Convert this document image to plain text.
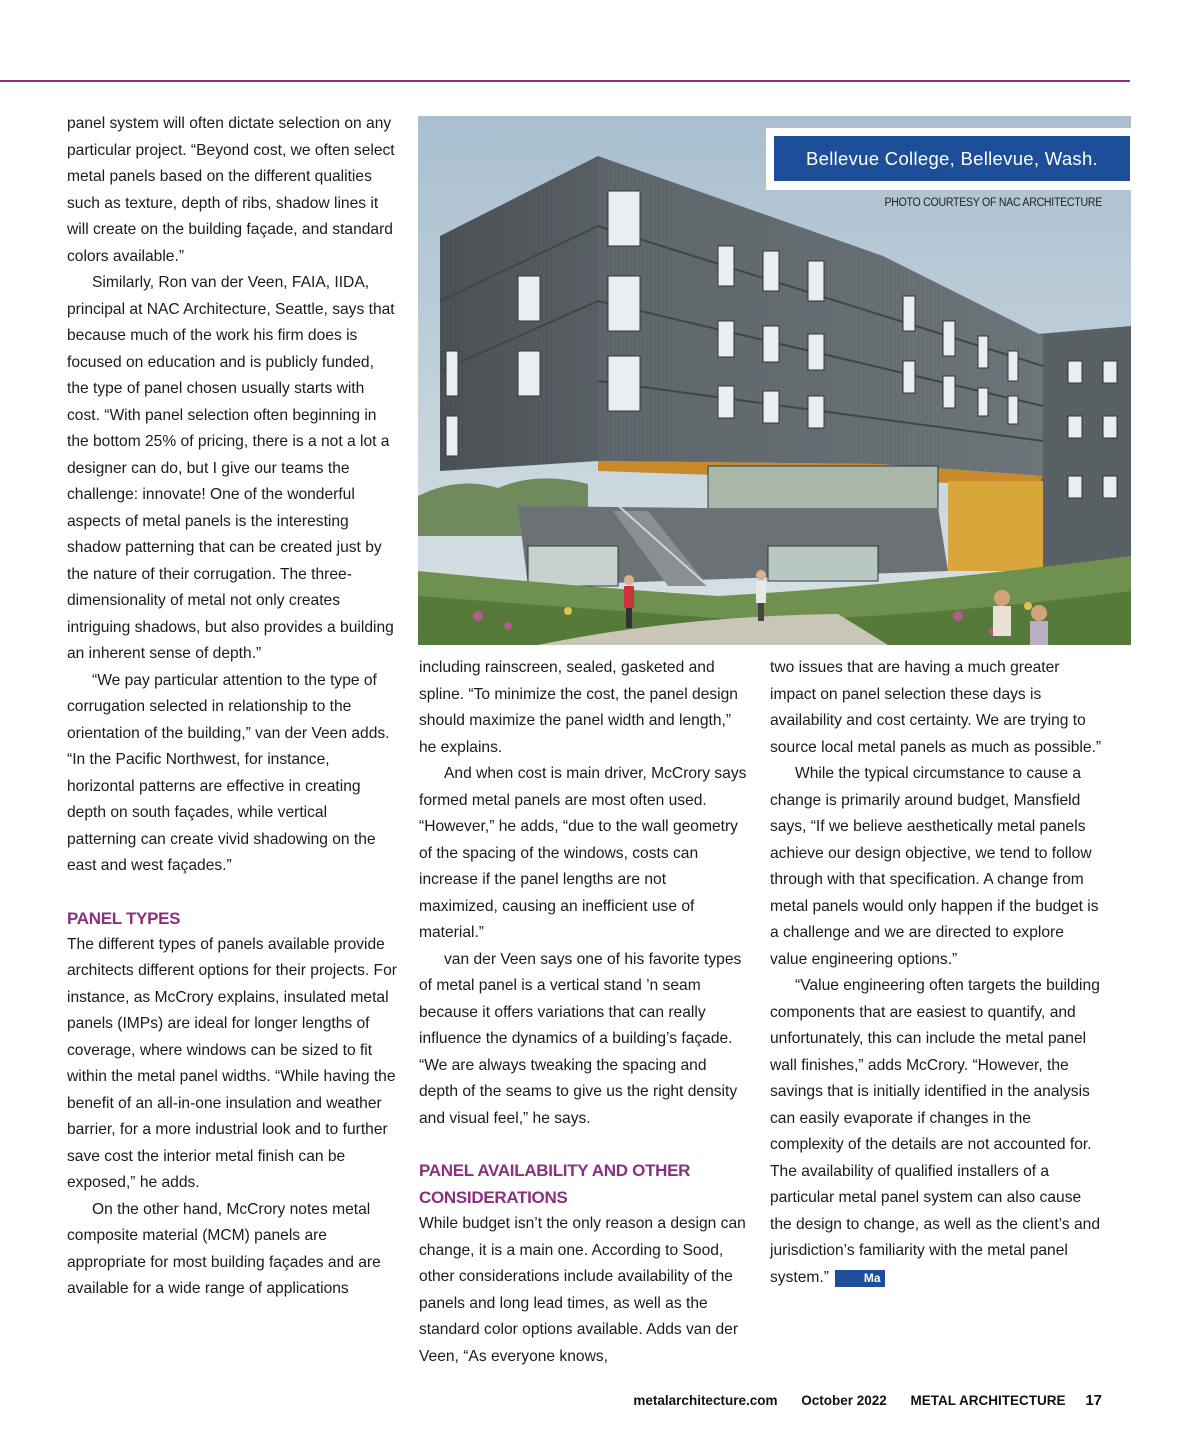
panel system will often dictate selection on any particular project. “Beyond cost, we often select metal panels based on the different qualities such as texture, depth of ribs, shadow lines it will create on the building façade, and standard colors available.”

Similarly, Ron van der Veen, FAIA, IIDA, principal at NAC Architecture, Seattle, says that because much of the work his firm does is focused on education and is publicly funded, the type of panel chosen usually starts with cost. “With panel selection often beginning in the bottom 25% of pricing, there is a not a lot a designer can do, but I give our teams the challenge: innovate! One of the wonderful aspects of metal panels is the interesting shadow patterning that can be created just by the nature of their corrugation. The three-dimensionality of metal not only creates intriguing shadows, but also provides a building an inherent sense of depth.”

“We pay particular attention to the type of corrugation selected in relationship to the orientation of the building,” van der Veen adds. “In the Pacific Northwest, for instance, horizontal patterns are effective in creating depth on south façades, while vertical patterning can create vivid shadowing on the east and west façades.”

PANEL TYPES

The different types of panels available provide architects different options for their projects. For instance, as McCrory explains, insulated metal panels (IMPs) are ideal for longer lengths of coverage, where windows can be sized to fit within the metal panel widths. “While having the benefit of an all-in-one insulation and weather barrier, for a more industrial look and to further save cost the interior metal finish can be exposed,” he adds.

On the other hand, McCrory notes metal composite material (MCM) panels are appropriate for most building façades and are available for a wide range of applications

Bellevue College, Bellevue, Wash.
PHOTO COURTESY OF NAC ARCHITECTURE

including rainscreen, sealed, gasketed and spline. “To minimize the cost, the panel design should maximize the panel width and length,” he explains.

And when cost is main driver, McCrory says formed metal panels are most often used. “However,” he adds, “due to the wall geometry of the spacing of the windows, costs can increase if the panel lengths are not maximized, causing an inefficient use of material.”

van der Veen says one of his favorite types of metal panel is a vertical stand ’n seam because it offers variations that can really influence the dynamics of a building’s façade. “We are always tweaking the spacing and depth of the seams to give us the right density and visual feel,” he says.

PANEL AVAILABILITY AND OTHER CONSIDERATIONS

While budget isn’t the only reason a design can change, it is a main one. According to Sood, other considerations include availability of the panels and long lead times, as well as the standard color options available. Adds van der Veen, “As everyone knows,

two issues that are having a much greater impact on panel selection these days is availability and cost certainty. We are trying to source local metal panels as much as possible.”

While the typical circumstance to cause a change is primarily around budget, Mansfield says, “If we believe aesthetically metal panels achieve our design objective, we tend to follow through with that specification. A change from metal panels would only happen if the budget is a challenge and we are directed to explore value engineering options.”

“Value engineering often targets the building components that are easiest to quantify, and unfortunately, this can include the metal panel wall finishes,” adds McCrory. “However, the savings that is initially identified in the analysis can easily evaporate if changes in the complexity of the details are not accounted for. The availability of qualified installers of a particular metal panel system can also cause the design to change, as well as the client’s and jurisdiction’s familiarity with the metal panel system.”	Ma

metalarchitecture.com October 2022 METAL ARCHITECTURE 17
